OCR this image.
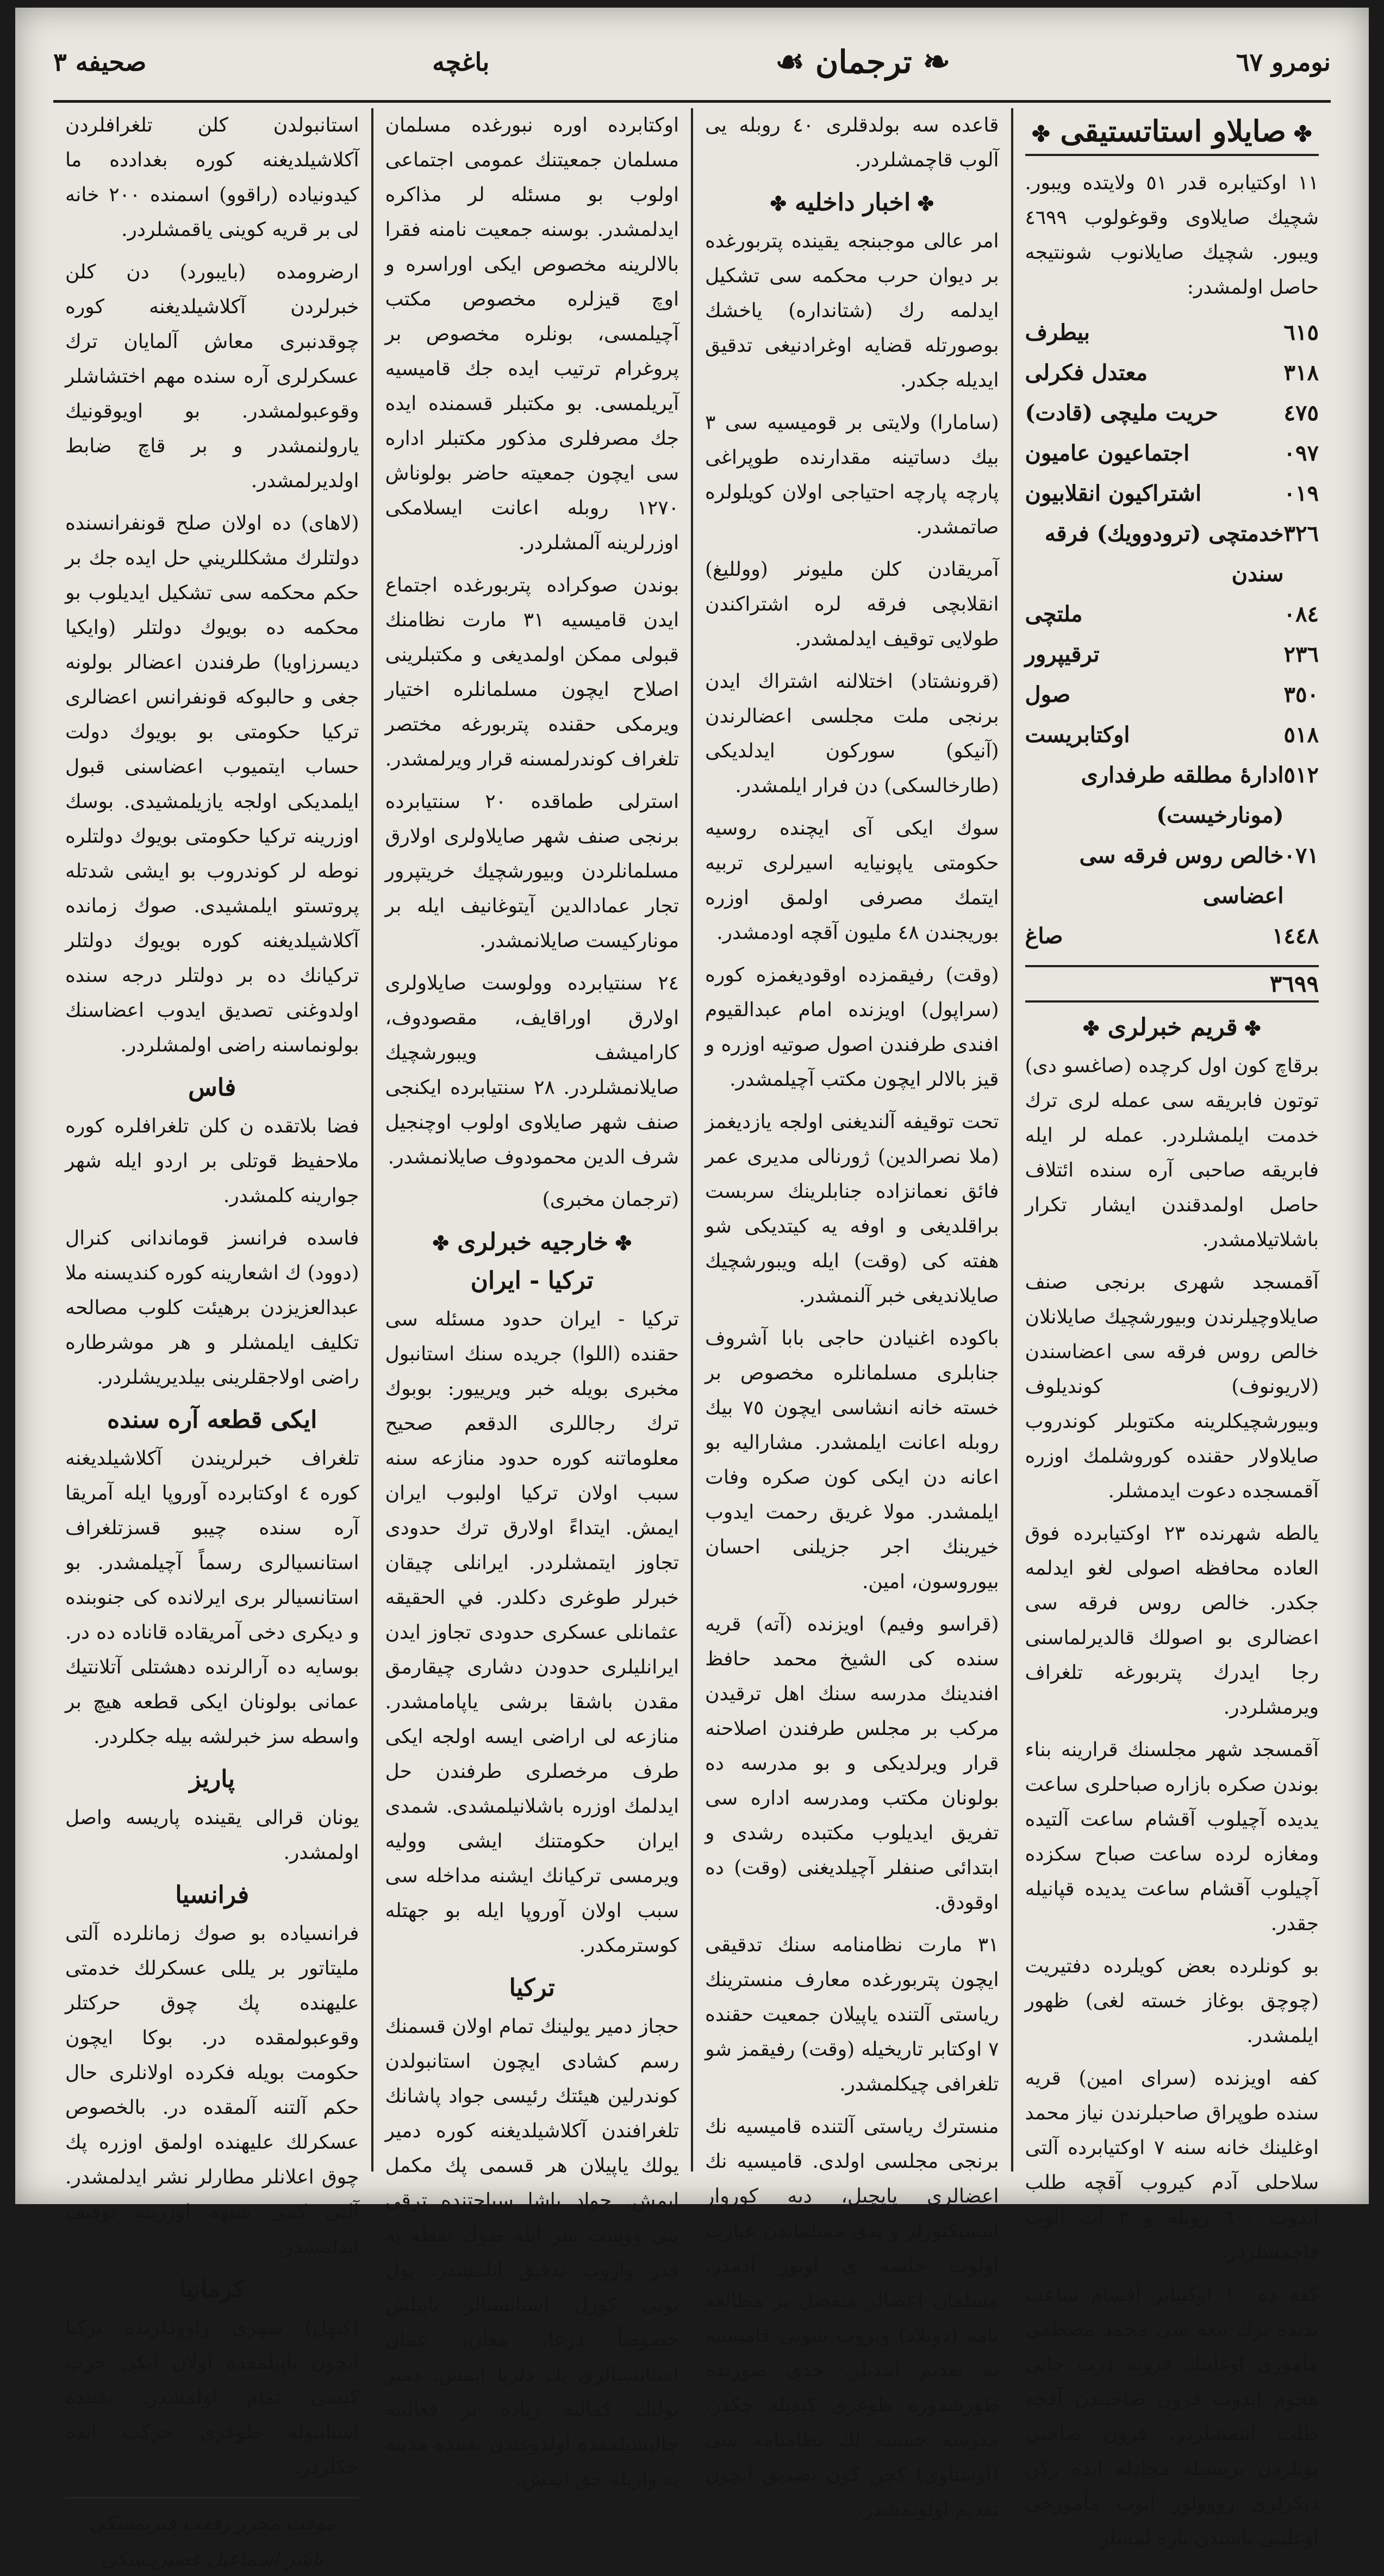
نومرو ٦٧
❧
ترجمان
☙
باغچه
صحيفه ٣
✤ صايلاو استاتستيقى ✤

١١ اوكتيابره قدر ٥١ ولايتده ويبور. شچيك صايلاوى وقوغولوب ٤٦٩٩ ويبور. شچيك صايلانوب شونتيجه حاصل اولمشدر:

٦١٥
بيطرف
٣١٨
معتدل فكرلى
٤٧٥
حريت مليچى (قادت)
٠٩٧
اجتماعيون عاميون
٠١٩
اشتراكيون انقلابيون
٣٢٦
خدمتچى (ترودوويك) فرقه سندن
٠٨٤
ملتچى
٢٣٦
ترقيپرور
٣٥٠
صول
٥١٨
اوكتابريست
٥١٢
ادارهٔ مطلقه طرفدارى (مونارخيست)
٠٧١
خالص روس فرقه سى اعضاسى
١٤٤٨
صاغ
٣٦٩٩
✤ قريم خبرلرى ✤

برقاچ كون اول كرچده (صاغسو دى) توتون فابريقه سى عمله لرى ترك خدمت ايلمشلردر. عمله لر ايله فابريقه صاحبى آره سنده ائتلاف حاصل اولمدقندن ايشار تكرار باشلاتيلامشدر.

آقمسجد شهرى برنجى صنف صايلاوچيلرندن وبيورشچيك صايلانلان خالص روس فرقه سى اعضاسندن (لاريونوف) كونديلوف وبيورشچيكلرينه مكتوبلر كوندروب صايلاولار حقنده كوروشلمك اوزره آقمسجده دعوت ايدمشلر.

يالطه شهرنده ٢٣ اوكتيابرده فوق العاده محافظه اصولى لغو ايدلمه جكدر. خالص روس فرقه سى اعضالرى بو اصولك قالديرلماسنى رجا ايدرك پتربورغه تلغراف ويرمشلردر.

آقمسجد شهر مجلسنك قرارينه بناء بوندن صكره بازاره صباحلرى ساعت يديده آچيلوب آقشام ساعت آلتيده ومغازه لرده ساعت صباح سكزده آچيلوب آقشام ساعت يديده قپانيله جقدر.

بو كونلرده بعض كويلرده دفتيريت (چوچق بوغاز خسته لغى) ظهور ايلمشدر.

كفه اويزنده (سراى امين) قريه سنده طوپراق صاحبلرندن نياز محمد اوغلينك خانه سنه ٧ اوكتيابرده آلتى سلاحلى آدم كيروب آقچه طلب ايدوب ٦٠٠ روبله و ٣ آت آلوب قاچمشلردر.

كفه ده ١٠ اوكتيابر آقشام ساعت يديده ترك تبعه سى محمد مصطفى مأمورى اوغلينك فرونه درت جانى هجوم ايدوب فرون صاحبندن آقچه طلب ايتمشلردر. فرون صاحبى بونلردن بريسيله مجادله ايده ركن ديكرلرى رووولور آتوب مأمورچى اوغلينى باشندن ياره لمشلر.

قاعده سه بولدقلرى ٤٠ روبله يى آلوب قاچمشلردر.

✤ اخبار داخليه ✤

امر عالى موجبنجه يقينده پتربورغده بر ديوان حرب محكمه سى تشكيل ايدلمه رك (شتانداره) ياخشك بوصورتله قضايه اوغرادنيغى تدقيق ايديله جكدر.

(سامارا) ولايتى بر قوميسيه سى ٣ بيك دساتينه مقدارنده طوپراغى پارچه پارچه احتياجى اولان كويلولره صاتمشدر.

آمريقادن كلن مليونر (وولليغ) انقلابچى فرقه لره اشتراكندن طولايى توقيف ايدلمشدر.

(قرونشتاد) اختلالنه اشتراك ايدن برنجى ملت مجلسى اعضالرندن (آنيكو) سوركون ايدلديكى (طارخالسكى) دن فرار ايلمشدر.

سوك ايكى آى ايچنده روسيه حكومتى ياپونيايه اسيرلرى تربيه ايتمك مصرفى اولمق اوزره بوريجندن ٤٨ مليون آقچه اودمشدر.

(وقت) رفيقمزده اوقوديغمزه كوره (سراپول) اويزنده امام عبدالقيوم افندى طرفندن اصول صوتيه اوزره و قيز بالالر ايچون مكتب آچيلمشدر.

تحت توقيفه آلنديغنى اولجه يازديغمز (ملا نصرالدين) ژورنالى مديرى عمر فائق نعمانزاده جنابلرينك سربست براقلديغى و اوفه يه كيتديكى شو هفته كى (وقت) ايله ويبورشچيك صايلانديغى خبر آلنمشدر.

باكوده اغنيادن حاجى بابا آشروف جنابلرى مسلمانلره مخصوص بر خسته خانه انشاسى ايچون ٧٥ بيك روبله اعانت ايلمشدر. مشاراليه بو اعانه دن ايكى كون صكره وفات ايلمشدر. مولا غريق رحمت ايدوب خيرينك اجر جزيلنى احسان بيوروسون، امين.

(قراسو وفيم) اويزنده (آته) قريه سنده كى الشيخ محمد حافظ افندينك مدرسه سنك اهل ترقيدن مركب بر مجلس طرفندن اصلاحنه قرار ويرلديكى و بو مدرسه ده بولونان مكتب ومدرسه اداره سى تفريق ايديلوب مكتبده رشدى و ابتدائى صنفلر آچيلديغنى (وقت) ده اوقودق.

٣١ مارت نظامنامه سنك تدقيقى ايچون پتربورغده معارف منسترينك رياستى آلتنده ياپيلان جمعيت حقنده ٧ اوكتابر تاريخيله (وقت) رفيقمز شو تلغرافى چيكلمشدر.

منسترك رياستى آلتنده قاميسيه نك برنجى مجلسى اولدى. قاميسيه نك اعضالرى پاپچيل، ديه كوروار اينسپكتورلر و يدى مسلماندن عبارت اولوب جلسه ى اوتوز آدمدر. مسلمان اعضالر منفصل بر مطالعه نامه (دوتلاد) ويروب شونى قاميسيه يه تقديم ايتديلر. جدى صورتده طورشدوره طوغرى كيديله جكدر. مدرسه حسنيه لك نظامنامه سى (اوستاوى) كچن كون تصديق ايچون تقديم اولونمشدر.

اوكتابرده اوره نبورغده مسلمان مسلمان جمعيتنك عمومى اجتماعى اولوب بو مسئله لر مذاكره ايدلمشدر. بوسنه جمعيت نامنه فقرا بالالرينه مخصوص ايكى اوراسره و اوچ قيزلره مخصوص مكتب آچيلمسى، بونلره مخصوص بر پروغرام ترتيب ايده جك قاميسيه آيريلمسى. بو مكتبلر قسمنده ايده جك مصرفلرى مذكور مكتبلر اداره سى ايچون جمعيته حاضر بولوناش ١٢٧٠ روبله اعانت ايسلامكى اوزرلرينه آلمشلردر.

بوندن صوكراده پتربورغده اجتماع ايدن قاميسيه ٣١ مارت نظامنك قبولى ممكن اولمديغى و مكتبلرينى اصلاح ايچون مسلمانلره اختيار ويرمكى حقنده پتربورغه مختصر تلغراف كوندرلمسنه قرار ويرلمشدر.

استرلى طماقده ٢٠ سنتيابرده برنجى صنف شهر صايلاولرى اولارق مسلمانلردن وبيورشچيك خريتپرور تجار عمادالدين آيتوغانيف ايله بر موناركيست صايلانمشدر.

٢٤ سنتيابرده وولوست صايلاولرى اولارق اوراقايف، مقصودوف، كاراميشف ويبورشچيك صايلانمشلردر. ٢٨ سنتيابرده ايكنجى صنف شهر صايلاوى اولوب اوچنجيل شرف الدين محمودوف صايلانمشدر.

(ترجمان مخبرى)

✤ خارجيه خبرلرى ✤
تركيا - ايران

تركيا - ايران حدود مسئله سى حقنده (اللوا) جريده سنك استانبول مخبرى بويله خبر ويرييور: بوبوك ترك رجاللرى الدقعم صحيح معلوماتنه كوره حدود منازعه سنه سبب اولان تركيا اولبوب ايران ايمش. ايتداءً اولارق ترك حدودى تجاوز ايتمشلردر. ايرانلى چيقان خبرلر طوغرى دكلدر. في الحقيقه عثمانلى عسكرى حدودى تجاوز ايدن ايرانليلرى حدودن دشارى چيقارمق مقدن باشقا برشى ياپامامشدر. منازعه لى اراضى ايسه اولجه ايكى طرف مرخصلرى طرفندن حل ايدلمك اوزره باشلانيلمشدى. شمدى ايران حكومتنك ايشى ووليه ويرمسى تركيانك ايشنه مداخله سى سبب اولان آوروپا ايله بو جهتله كوسترمكدر.

تركيا

حجاز دمير يولينك تمام اولان قسمنك رسم كشادى ايچون استانبولدن كوندرلين هيئتك رئيسى جواد پاشانك تلغرافندن آكلاشيلديغنه كوره دمير يولك ياپيلان هر قسمى پك مكمل ايمش. جواد پاشا سياحتنده ترقى بنى ووست سر ابله صوك نقطه يه قدر واروپ تدقيق ايلمشدر. يول بوبى كوزل استانسيالر ياپيلش خصوصاً درعا، معان، عمان استانسيالرى پك دلربا ايمش. دمير يولنك كمالنه زياده بر فعاليته چاليشيلمقده اولدوغندن يقينده مدينه يه واريله جق ايمش.

استانبولدن كلن تلغرافلردن آكلاشيلديغنه كوره بغدادده ما كيدونياده (راقوو) اسمنده ٢٠٠ خانه لى بر قريه كوينى ياقمشلردر.

ارضرومده (بايبورد) دن كلن خبرلردن آكلاشيلديغنه كوره چوقدنبرى معاش آلمايان ترك عسكرلرى آره سنده مهم اختشاشلر وقوعبولمشدر. بو اويوقونيك يارولنمشدر و بر قاچ ضابط اولديرلمشدر.

(لاهاى) ده اولان صلح قونفرانسنده دولتلرك مشكللريني حل ايده جك بر حكم محكمه سى تشكيل ايديلوب بو محكمه ده بويوك دولتلر (وايكيا ديسرزاويا) طرفندن اعضالر بولونه جغى و حالبوكه قونفرانس اعضالرى تركيا حكومتى بو بويوك دولت حساب ايتميوب اعضاسنى قبول ايلمديكى اولجه يازيلمشيدى. بوسك اوزرينه تركيا حكومتى بويوك دولتلره نوطه لر كوندروب بو ايشى شدتله پروتستو ايلمشيدى. صوك زمانده آكلاشيلديغنه كوره بويوك دولتلر تركيانك ده بر دولتلر درجه سنده اولدوغنى تصديق ايدوب اعضاسنك بولونماسنه راضى اولمشلردر.

فاس

فضا بلاتقده ن كلن تلغرافلره كوره ملاحفيظ قوتلى بر اردو ايله شهر جوارينه كلمشدر.

فاسده فرانسز قوماندانى كنرال (دوود) ك اشعارينه كوره كنديسنه ملا عبدالعزيزدن برهيئت كلوب مصالحه تكليف ايلمشلر و هر موشرطاره راضى اولاجقلرينى بيلديريشلردر.

ايكى قطعه آره سنده

تلغراف خبرلريندن آكلاشيلديغنه كوره ٤ اوكتابرده آوروپا ايله آمريقا آره سنده چيبو قسزتلغراف استانسيالرى رسماً آچيلمشدر. بو استانسيالر برى ايرلانده كى جنوبنده و ديكرى دخى آمريقاده قاناده ده در. بوسايه ده آرالرنده دهشتلى آتلانتيك عمانى بولونان ايكى قطعه هيچ بر واسطه سز خبرلشه بيله جكلردر.

پاريز

يونان قرالى يقينده پاريسه واصل اولمشدر.

فرانسيا

فرانسياده بو صوك زمانلرده آلتى مليتاتور بر يللى عسكرلك خدمتى عليهنده پك چوق حركتلر وقوعبولمقده در. بوكا ايچون حكومت بويله فكرده اولانلرى حال حكم آلتنه آلمقده در. بالخصوص عسكرلك عليهنده اولمق اوزره پك چوق اعلانلر مطارلر نشر ايدلمشدر. آلتى كمى شبهه اوزرينه توقيف ايدلمشدر.

كرمانيا

(كيهل) شهرى زاوودلرنده تركيا ايچون ياپيلمقده اولان ايكى حرب كيسى تمام اولمشدر. يقينده استانبوله طوغرى حركت ايده جكلردر.

موقت محرر رفعت قيريمسكى
ناشر اسماعيل غصپرينسكى
